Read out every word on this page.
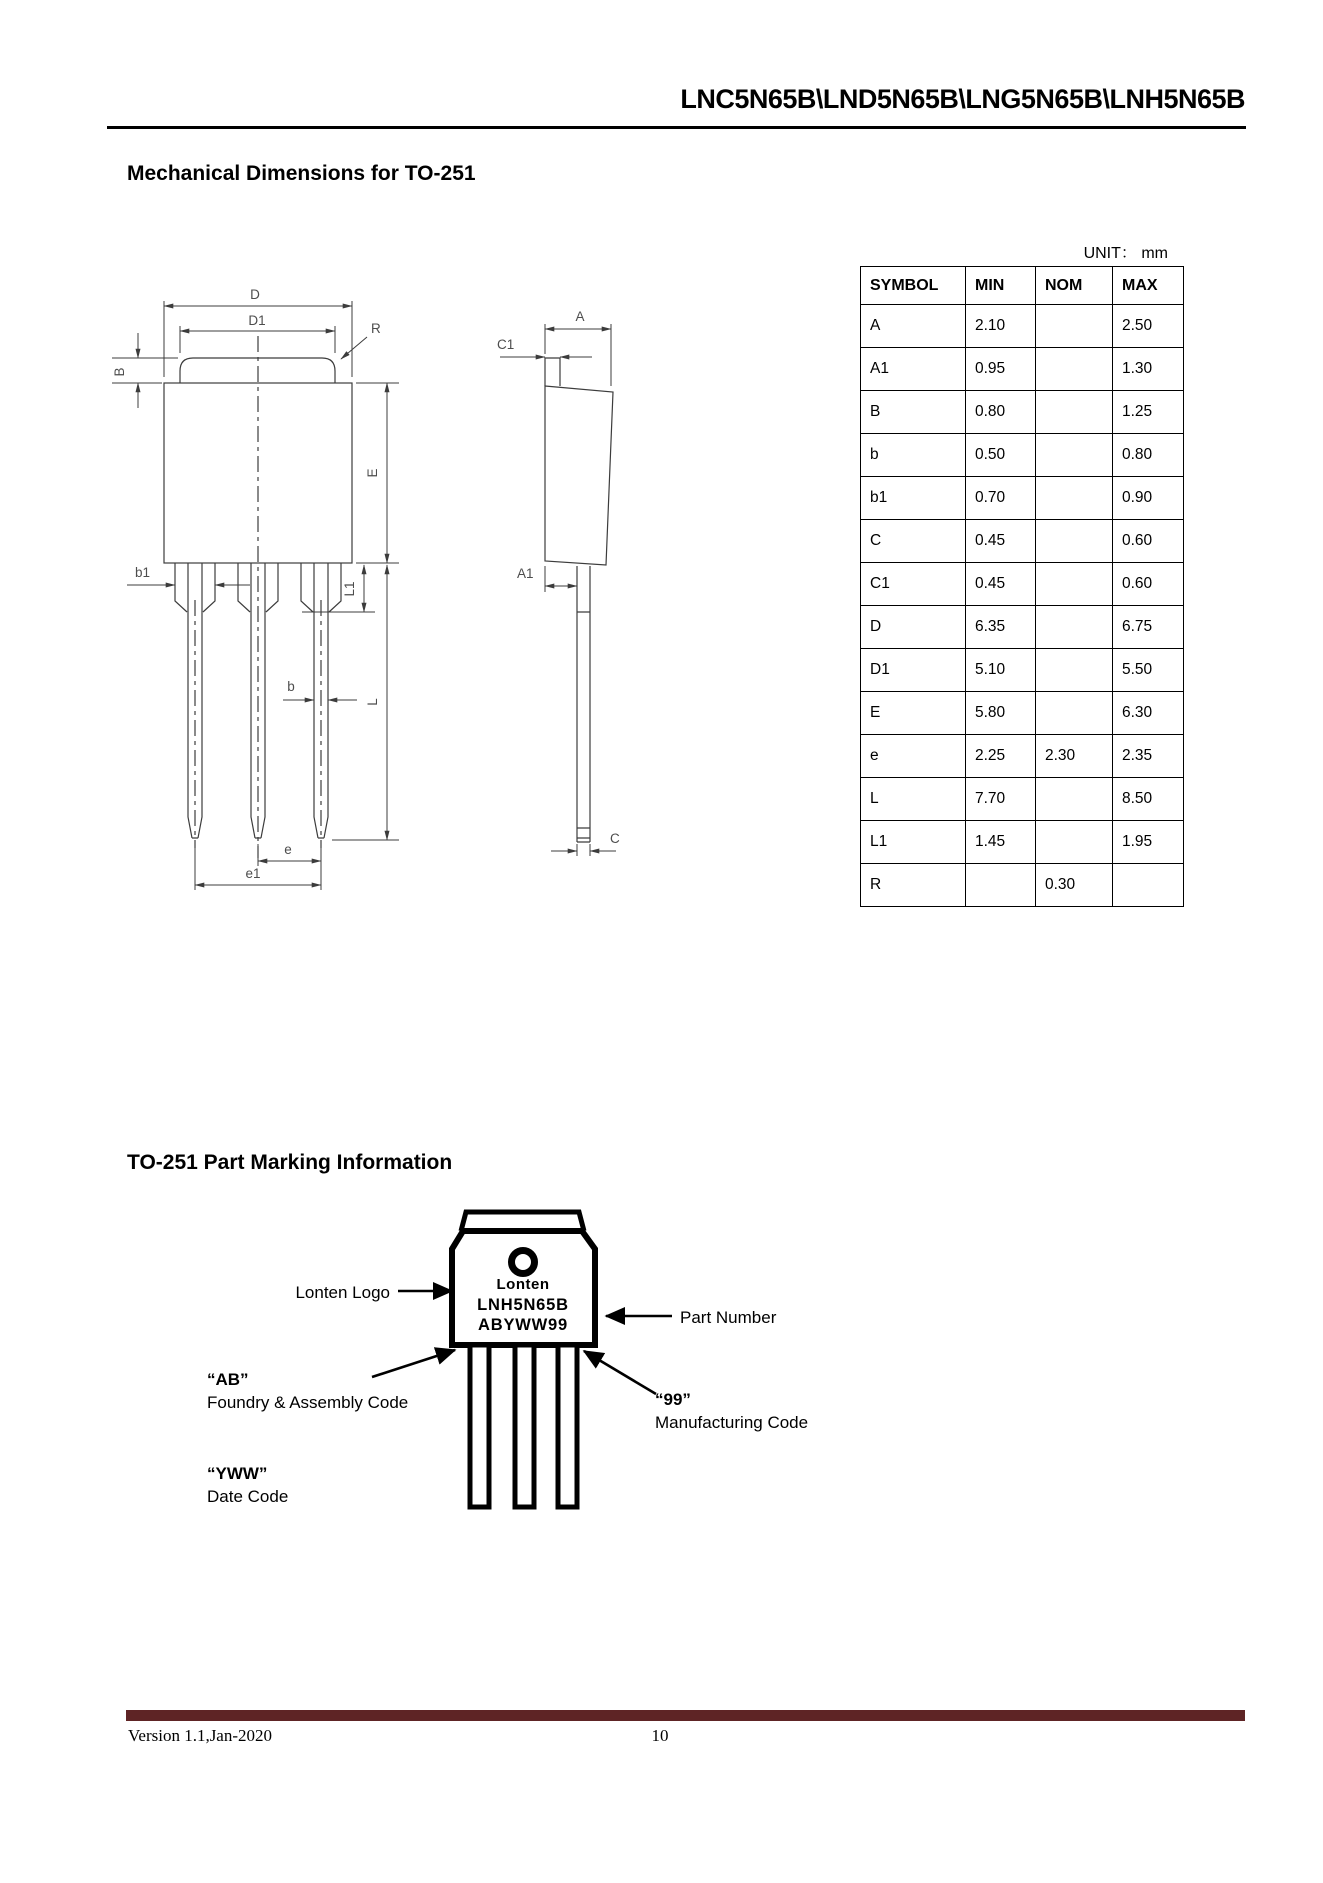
LNC5N65B\LND5N65B\LNG5N65B\LNH5N65B
Mechanical Dimensions for TO-251
UNIT： mm
SYMBOL	MIN	NOM	MAX
A	2.10		2.50
A1	0.95		1.30
B	0.80		1.25
b	0.50		0.80
b1	0.70		0.90
C	0.45		0.60
C1	0.45		0.60
D	6.35		6.75
D1	5.10		5.50
E	5.80		6.30
e	2.25	2.30	2.35
L	7.70		8.50
L1	1.45		1.95
R		0.30	
D
D1
R
B
E
L
L1
b1
b
e
e1
A
C1
A1
C
Lonten
LNH5N65B
ABYWW99
TO-251 Part Marking Information
Lonten Logo
Part Number
“AB”
Foundry & Assembly Code	“99”
Manufacturing Code
“YWW”
Date Code
Version 1.1,Jan-2020	10
